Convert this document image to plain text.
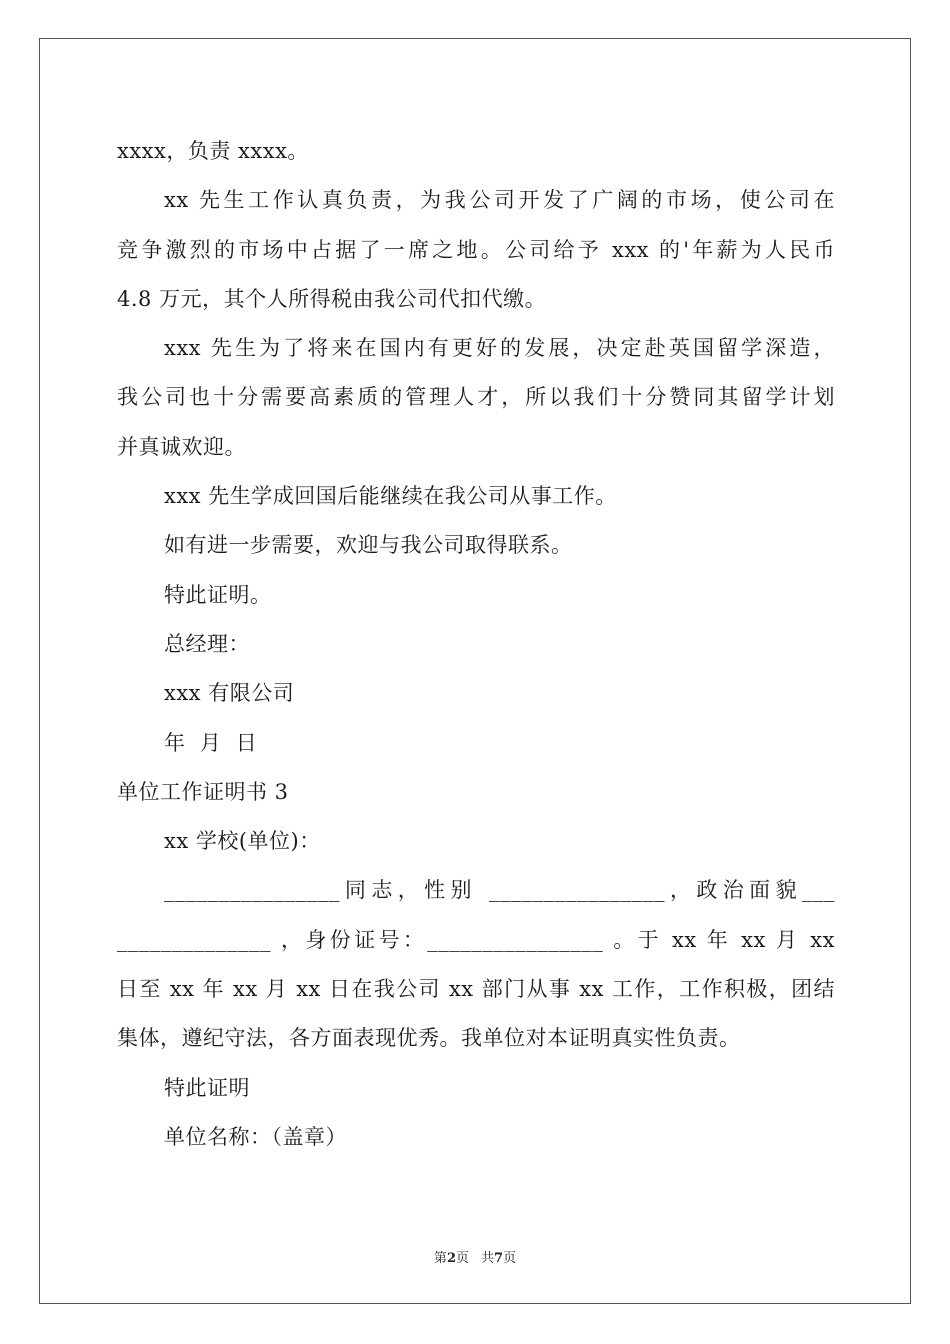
xxxx，负责 xxxx。
xx 先生工作认真负责，为我公司开发了广阔的市场，使公司在
竞争激烈的市场中占据了一席之地。公司给予 xxx 的'年薪为人民币
4.8 万元，其个人所得税由我公司代扣代缴。
xxx 先生为了将来在国内有更好的发展，决定赴英国留学深造，
我公司也十分需要高素质的管理人才，所以我们十分赞同其留学计划
并真诚欢迎。
xxx 先生学成回国后能继续在我公司从事工作。
如有进一步需要，欢迎与我公司取得联系。
特此证明。
总经理：
xxx 有限公司
年  月  日
单位工作证明书 3
xx 学校(单位)：
________________同志，性别 ________________，政治面貌___
______________ ，身份证号：________________ 。于 xx 年 xx 月 xx
日至 xx 年 xx 月 xx 日在我公司 xx 部门从事 xx 工作，工作积极，团结
集体，遵纪守法，各方面表现优秀。我单位对本证明真实性负责。
特此证明
单位名称：（盖章）
第2页 共7页
